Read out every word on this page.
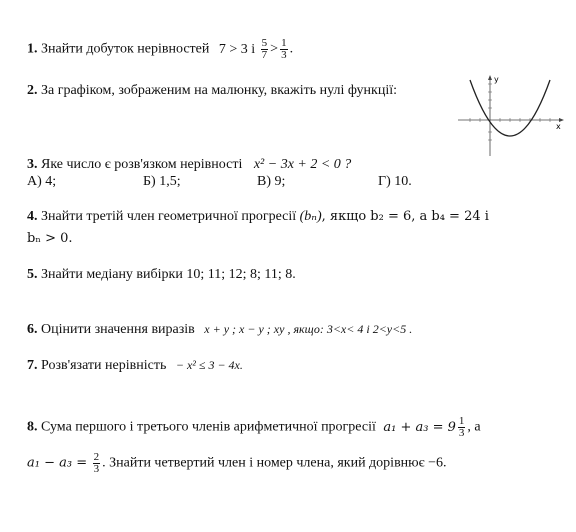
1. Знайти добуток нерівностей 7 > 3 і $\frac{5}{7} > \frac{1}{3}$ .
2. За графіком, зображеним на малюнку, вкажіть нулі функції:
y
x
3. Яке число є розв'язком нерівності x² − 3x + 2 < 0 ?
А) 4;	Б) 1,5;	В) 9;	Г) 10.
4. Знайти третій член геометричної прогресії (bₙ), якщо b₂ = 6, а b₄ = 24 і
bₙ > 0.
5. Знайти медіану вибірки 10; 11; 12; 8; 11; 8.
6. Оцінити значення виразів x + y ; x − y ; xy , якщо: 3<x< 4 і 2<y<5 .
7. Розв'язати нерівність − x² ≤ 3 − 4x.
8. Сума першого і третього членів арифметичної прогресії $a_1 + a_3 = 9 \frac{1}{3}$ , а
$a_1 - a_3 = \frac{2}{3}$ . Знайти четвертий член і номер члена, який дорівнює −6.
